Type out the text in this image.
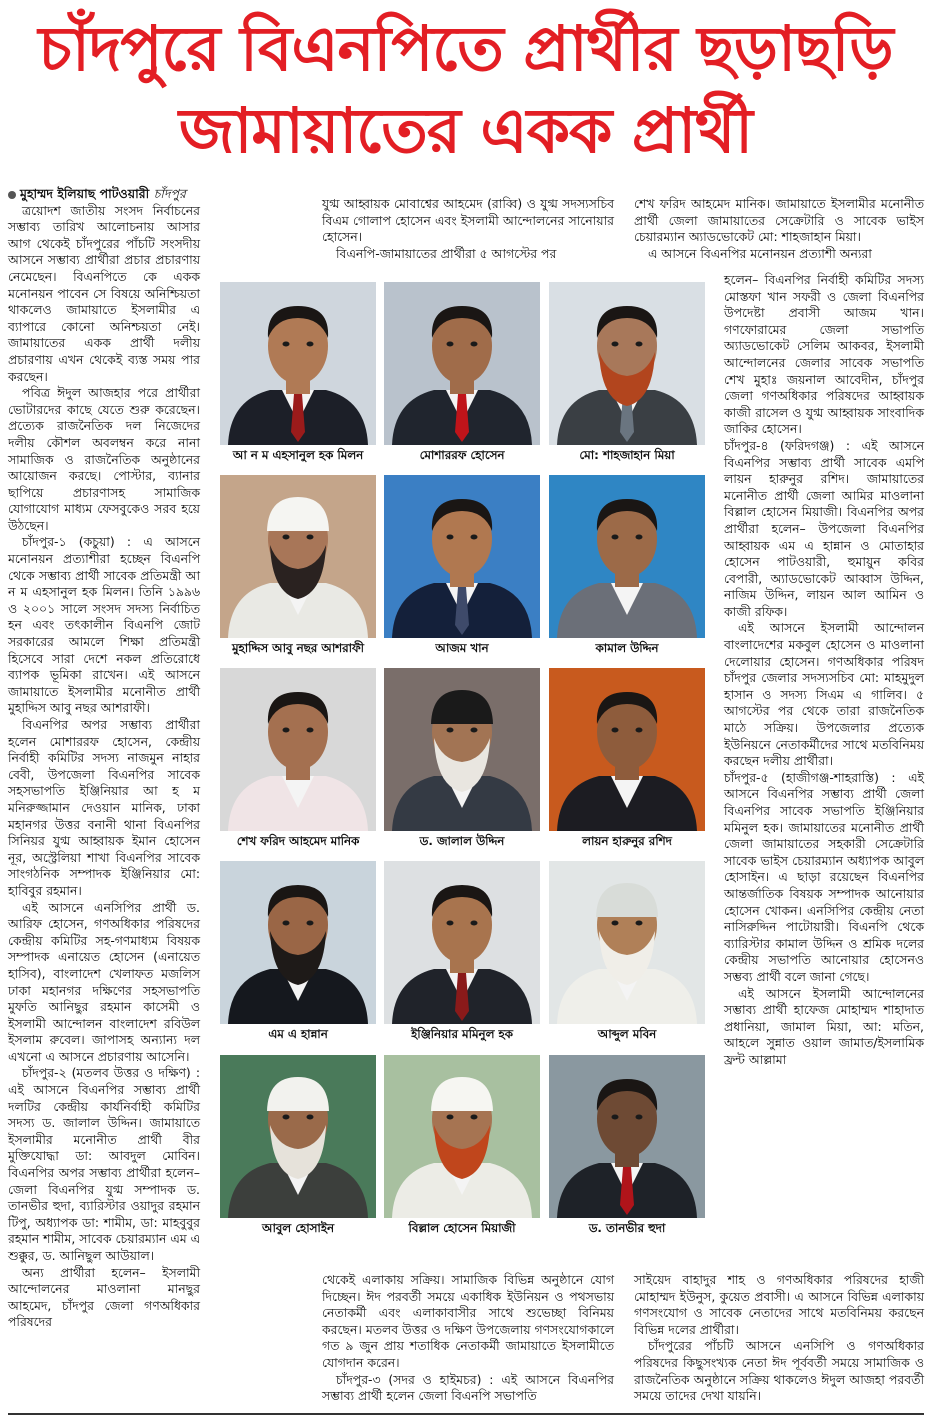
চাঁদপুরে বিএনপিতে প্রার্থীর ছড়াছড়ি
জামায়াতের একক প্রার্থী

মুহাম্মদ ইলিয়াছ পাটওয়ারী চাঁদপুর

ত্রয়োদশ জাতীয় সংসদ নির্বাচনের সম্ভাব্য তারিখ আলোচনায় আসার আগ থেকেই চাঁদপুরের পাঁচটি সংসদীয় আসনে সম্ভাব্য প্রার্থীরা প্রচার প্রচারণায় নেমেছেন। বিএনপিতে কে একক মনোনয়ন পাবেন সে বিষয়ে অনিশ্চিয়তা থাকলেও জামায়াতে ইসলামীর এ ব্যাপারে কোনো অনিশ্চয়তা নেই। জামায়াতের একক প্রার্থী দলীয় প্রচারণায় এখন থেকেই ব্যস্ত সময় পার করছেন।

পবিত্র ঈদুল আজহার পরে প্রার্থীরা ভোটারদের কাছে যেতে শুরু করেছেন। প্রত্যেক রাজনৈতিক দল নিজেদের দলীয় কৌশল অবলম্বন করে নানা সামাজিক ও রাজনৈতিক অনুষ্ঠানের আয়োজন করছে। পোস্টার, ব্যানার ছাপিয়ে প্রচারণাসহ সামাজিক যোগাযোগ মাধ্যম ফেসবুকেও সরব হয়ে উঠছেন।

চাঁদপুর-১ (কচুয়া) : এ আসনে মনোনয়ন প্রত্যাশীরা হচ্ছেন বিএনপি থেকে সম্ভাব্য প্রার্থী সাবেক প্রতিমন্ত্রী আ ন ম এহসানুল হক মিলন। তিনি ১৯৯৬ ও ২০০১ সালে সংসদ সদস্য নির্বাচিত হন এবং তৎকালীন বিএনপি জোট সরকারের আমলে শিক্ষা প্রতিমন্ত্রী হিসেবে সারা দেশে নকল প্রতিরোধে ব্যাপক ভূমিকা রাখেন। এই আসনে জামায়াতে ইসলামীর মনোনীত প্রার্থী মুহাদ্দিস আবু নছর আশরাফী।

বিএনপির অপর সম্ভাব্য প্রার্থীরা হলেন মোশাররফ হোসেন, কেন্দ্রীয় নির্বাহী কমিটির সদস্য নাজমুন নাহার বেবী, উপজেলা বিএনপির সাবেক সহসভাপতি ইঞ্জিনিয়ার আ হ ম মনিরুজ্জামান দেওয়ান মানিক, ঢাকা মহানগর উত্তর বনানী থানা বিএনপির সিনিয়র যুগ্ম আহ্বায়ক ইমান হোসেন নূর, অস্ট্রেলিয়া শাখা বিএনপির সাবেক সাংগঠনিক সম্পাদক ইঞ্জিনিয়ার মো: হাবিবুর রহমান।

এই আসনে এনসিপির প্রার্থী ড. আরিফ হোসেন, গণঅধিকার পরিষদের কেন্দ্রীয় কমিটির সহ-গণমাধ্যম বিষয়ক সম্পাদক এনায়েত হোসেন (এনায়েত হাসিব), বাংলাদেশ খেলাফত মজলিস ঢাকা মহানগর দক্ষিণের সহসভাপতি মুফতি আনিছুর রহমান কাসেমী ও ইসলামী আন্দোলন বাংলাদেশ রবিউল ইসলাম রুবেল। জাপাসহ অন্যান্য দল এখনো এ আসনে প্রচারণায় আসেনি।

চাঁদপুর-২ (মতলব উত্তর ও দক্ষিণ) : এই আসনে বিএনপির সম্ভাব্য প্রার্থী দলটির কেন্দ্রীয় কার্যনির্বাহী কমিটির সদস্য ড. জালাল উদ্দিন। জামায়াতে ইসলামীর মনোনীত প্রার্থী বীর মুক্তিযোদ্ধা ডা: আবদুল মোবিন। বিএনপির অপর সম্ভাব্য প্রার্থীরা হলেন– জেলা বিএনপির যুগ্ম সম্পাদক ড. তানভীর হুদা, ব্যারিস্টার ওয়াদুর রহমান টিপু, অধ্যাপক ডা: শামীম, ডা: মাহবুবুর রহমান শামীম, সাবেক চেয়ারম্যান এম এ শুক্কুর, ড. আনিছুল আউয়াল।

অন্য প্রার্থীরা হলেন– ইসলামী আন্দোলনের মাওলানা মানছুর আহমেদ, চাঁদপুর জেলা গণঅধিকার পরিষদের

যুগ্ম আহ্বায়ক মোবাশ্বের আহমেদ (রাব্বি) ও যুগ্ম সদস্যসচিব বিএম গোলাপ হোসেন এবং ইসলামী আন্দোলনের সানোয়ার হোসেন।

বিএনপি-জামায়াতের প্রার্থীরা ৫ আগস্টের পর

শেখ ফরিদ আহমেদ মানিক। জামায়াতে ইসলামীর মনোনীত প্রার্থী জেলা জামায়াতের সেক্রেটারি ও সাবেক ভাইস চেয়ারম্যান অ্যাডভোকেট মো: শাহজাহান মিয়া।

এ আসনে বিএনপির মনোনয়ন প্রত্যাশী অন্যরা

হলেন– বিএনপির নির্বাহী কমিটির সদস্য মোস্তফা খান সফরী ও জেলা বিএনপির উপদেষ্টা প্রবাসী আজম খান। গণফোরামের জেলা সভাপতি অ্যাডভোকেট সেলিম আকবর, ইসলামী আন্দোলনের জেলার সাবেক সভাপতি শেখ মুহাঃ জয়নাল আবেদীন, চাঁদপুর জেলা গণঅধিকার পরিষদের আহ্বায়ক কাজী রাসেল ও যুগ্ম আহ্বায়ক সাংবাদিক জাকির হোসেন।

চাঁদপুর-৪ (ফরিদগঞ্জ) : এই আসনে বিএনপির সম্ভাব্য প্রার্থী সাবেক এমপি লায়ন হারুনুর রশিদ। জামায়াতের মনোনীত প্রার্থী জেলা আমির মাওলানা বিল্লাল হোসেন মিয়াজী। বিএনপির অপর প্রার্থীরা হলেন– উপজেলা বিএনপির আহ্বায়ক এম এ হান্নান ও মোতাহার হোসেন পাটওয়ারী, হুমায়ুন কবির বেপারী, অ্যাডভোকেট আব্বাস উদ্দিন, নাজিম উদ্দিন, লায়ন আল আমিন ও কাজী রফিক।

এই আসনে ইসলামী আন্দোলন বাংলাদেশের মকবুল হোসেন ও মাওলানা দেলোয়ার হোসেন। গণঅধিকার পরিষদ চাঁদপুর জেলার সদস্যসচিব মো: মাহমুদুল হাসান ও সদস্য সিএম এ গালিব। ৫ আগস্টের পর থেকে তারা রাজনৈতিক মাঠে সক্রিয়। উপজেলার প্রত্যেক ইউনিয়নে নেতাকর্মীদের সাথে মতবিনিময় করছেন দলীয় প্রার্থীরা।

চাঁদপুর-৫ (হাজীগঞ্জ-শাহরাস্তি) : এই আসনে বিএনপির সম্ভাব্য প্রার্থী জেলা বিএনপির সাবেক সভাপতি ইঞ্জিনিয়ার মমিনুল হক। জামায়াতের মনোনীত প্রার্থী জেলা জামায়াতের সহকারী সেক্রেটারি সাবেক ভাইস চেয়ারম্যান অধ্যাপক আবুল হোসাইন। এ ছাড়া রয়েছেন বিএনপির আন্তর্জাতিক বিষয়ক সম্পাদক আনোয়ার হোসেন খোকন। এনসিপির কেন্দ্রীয় নেতা নাসিরুদ্দিন পাটোয়ারী। বিএনপি থেকে ব্যারিস্টার কামাল উদ্দিন ও শ্রমিক দলের কেন্দ্রীয় সভাপতি আনোয়ার হোসেনও সম্ভব্য প্রার্থী বলে জানা গেছে।

এই আসনে ইসলামী আন্দোলনের সম্ভাব্য প্রার্থী হাফেজ মোহাম্মদ শাহাদাত প্রধানিয়া, জামাল মিয়া, আ: মতিন, আহলে সুন্নাত ওয়াল জামাত/ইসলামিক ফ্রন্ট আল্লামা

থেকেই এলাকায় সক্রিয়। সামাজিক বিভিন্ন অনুষ্ঠানে যোগ দিচ্ছেন। ঈদ পরবর্তী সময়ে একাধিক ইউনিয়ন ও পথসভায় নেতাকর্মী এবং এলাকাবাসীর সাথে শুভেচ্ছা বিনিময় করছেন। মতলব উত্তর ও দক্ষিণ উপজেলায় গণসংযোগকালে গত ৯ জুন প্রায় শতাধিক নেতাকর্মী জামায়াতে ইসলামীতে যোগদান করেন।

চাঁদপুর-৩ (সদর ও হাইমচর) : এই আসনে বিএনপির সম্ভাব্য প্রার্থী হলেন জেলা বিএনপি সভাপতি

সাইয়েদ বাহাদুর শাহ ও গণঅধিকার পরিষদের হাজী মোহাম্মদ ইউনুস, কুয়েত প্রবাসী। এ আসনে বিভিন্ন এলাকায় গণসংযোগ ও সাবেক নেতাদের সাথে মতবিনিময় করছেন বিভিন্ন দলের প্রার্থীরা।

চাঁদপুরের পাঁচটি আসনে এনসিপি ও গণঅধিকার পরিষদের কিছুসংখ্যক নেতা ঈদ পূর্ববর্তী সময়ে সামাজিক ও রাজনৈতিক অনুষ্ঠানে সক্রিয় থাকলেও ঈদুল আজহা পরবর্তী সময়ে তাদের দেখা যায়নি।

আ ন ম এহসানুল হক মিলন	মোশাররফ হোসেন	মো: শাহজাহান মিয়া
মুহাদ্দিস আবু নছর আশরাফী	আজম খান	কামাল উদ্দিন
শেখ ফরিদ আহমেদ মানিক	ড. জালাল উদ্দিন	লায়ন হারুনুর রশিদ
এম এ হান্নান	ইঞ্জিনিয়ার মমিনুল হক	আব্দুল মবিন
আবুল হোসাইন	বিল্লাল হোসেন মিয়াজী	ড. তানভীর হুদা
